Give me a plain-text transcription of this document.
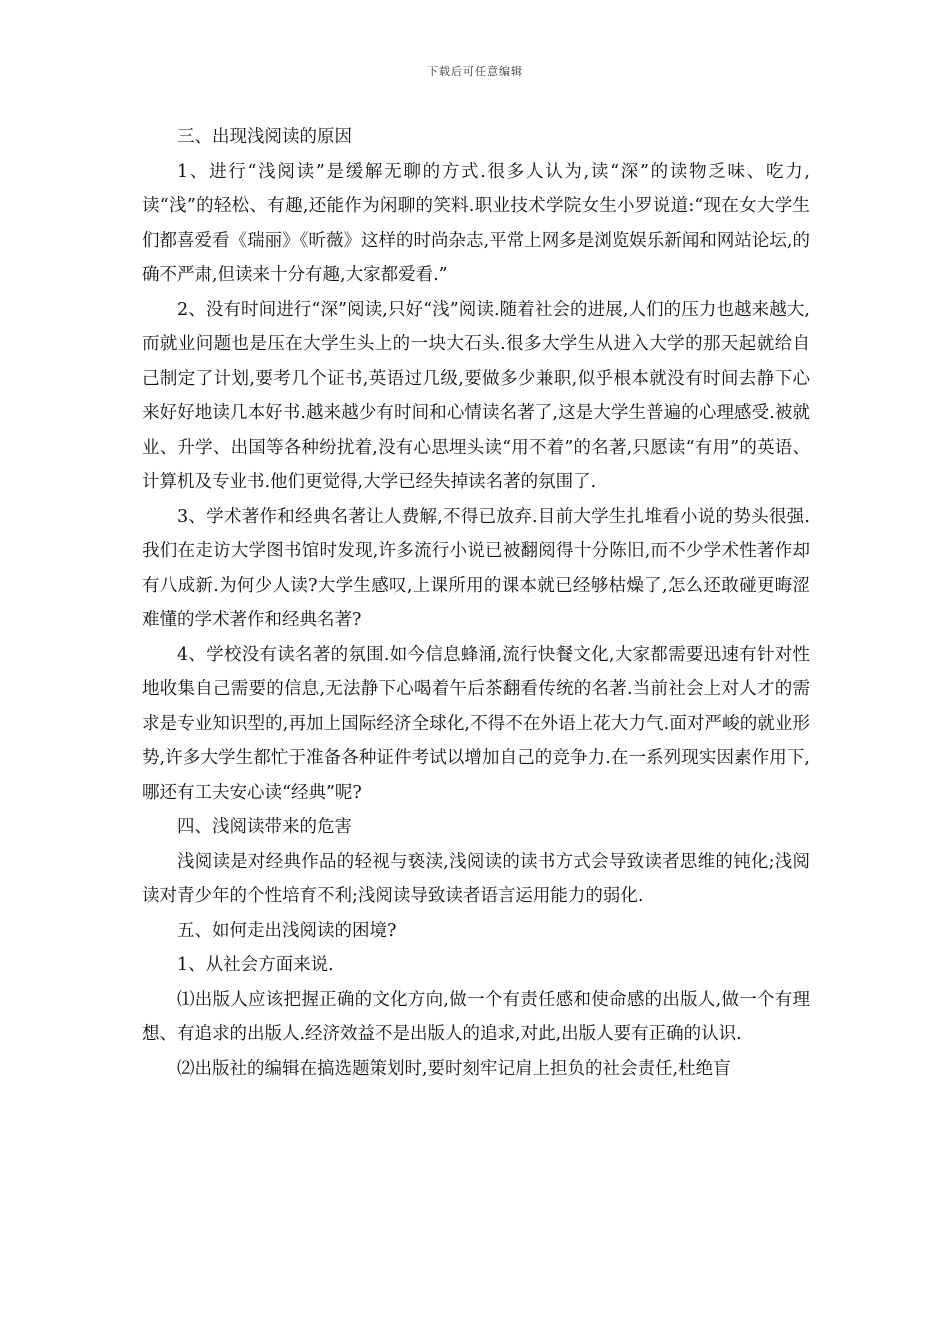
下载后可任意编辑

三、出现浅阅读的原因

1、进行“浅阅读”是缓解无聊的方式.很多人认为,读“深”的读物乏味、吃力,读“浅”的轻松、有趣,还能作为闲聊的笑料.职业技术学院女生小罗说道:“现在女大学生们都喜爱看《瑞丽》《昕薇》这样的时尚杂志,平常上网多是浏览娱乐新闻和网站论坛,的确不严肃,但读来十分有趣,大家都爱看.”

2、没有时间进行“深”阅读,只好“浅”阅读.随着社会的进展,人们的压力也越来越大,而就业问题也是压在大学生头上的一块大石头.很多大学生从进入大学的那天起就给自己制定了计划,要考几个证书,英语过几级,要做多少兼职,似乎根本就没有时间去静下心来好好地读几本好书.越来越少有时间和心情读名著了,这是大学生普遍的心理感受.被就业、升学、出国等各种纷扰着,没有心思埋头读“用不着”的名著,只愿读“有用”的英语、计算机及专业书.他们更觉得,大学已经失掉读名著的氛围了.

3、学术著作和经典名著让人费解,不得已放弃.目前大学生扎堆看小说的势头很强.我们在走访大学图书馆时发现,许多流行小说已被翻阅得十分陈旧,而不少学术性著作却有八成新.为何少人读?大学生感叹,上课所用的课本就已经够枯燥了,怎么还敢碰更晦涩难懂的学术著作和经典名著?

4、学校没有读名著的氛围.如今信息蜂涌,流行快餐文化,大家都需要迅速有针对性地收集自己需要的信息,无法静下心喝着午后茶翻看传统的名著.当前社会上对人才的需求是专业知识型的,再加上国际经济全球化,不得不在外语上花大力气.面对严峻的就业形势,许多大学生都忙于准备各种证件考试以增加自己的竞争力.在一系列现实因素作用下,哪还有工夫安心读“经典”呢?

四、浅阅读带来的危害

浅阅读是对经典作品的轻视与亵渎,浅阅读的读书方式会导致读者思维的钝化;浅阅读对青少年的个性培育不利;浅阅读导致读者语言运用能力的弱化.

五、如何走出浅阅读的困境?

1、从社会方面来说.

⑴出版人应该把握正确的文化方向,做一个有责任感和使命感的出版人,做一个有理想、有追求的出版人.经济效益不是出版人的追求,对此,出版人要有正确的认识.

⑵出版社的编辑在搞选题策划时,要时刻牢记肩上担负的社会责任,杜绝盲
